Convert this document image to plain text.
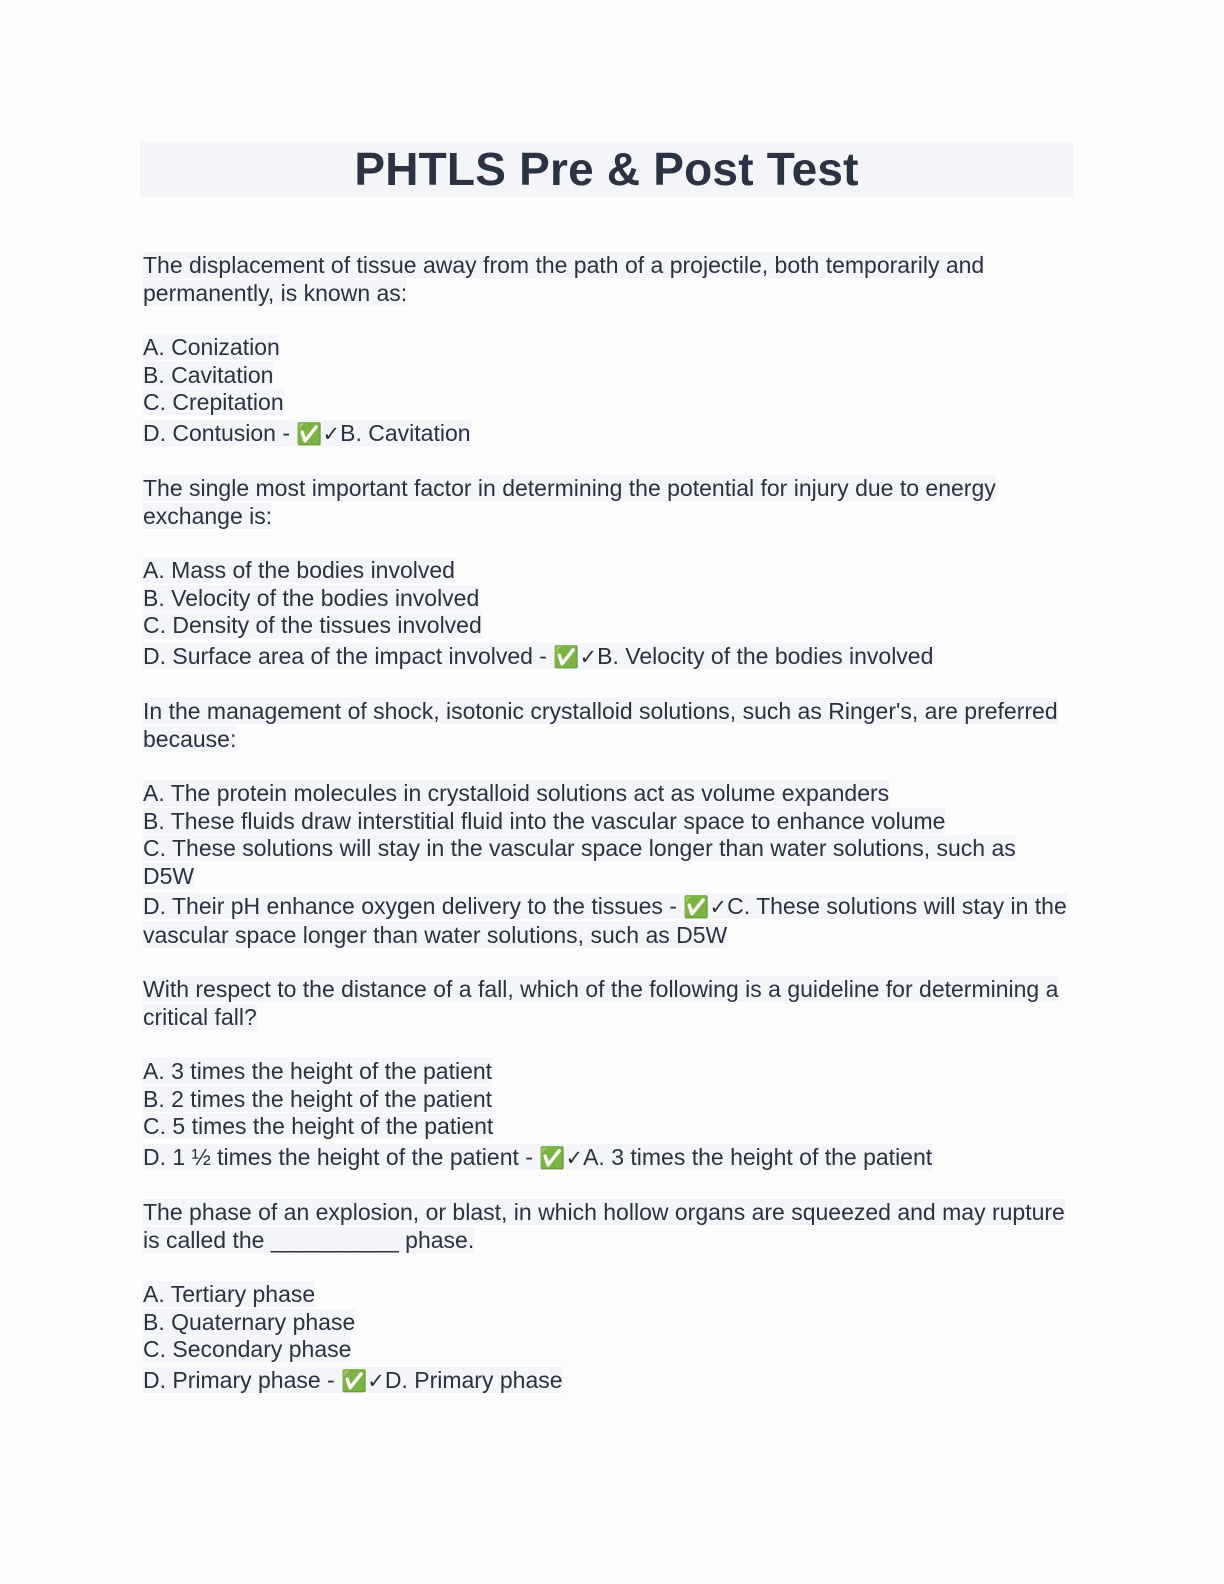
PHTLS Pre & Post Test
The displacement of tissue away from the path of a projectile, both temporarily and permanently, is known as:
A. Conization
B. Cavitation
C. Crepitation
D. Contusion - ✅✓B. Cavitation
The single most important factor in determining the potential for injury due to energy exchange is:
A. Mass of the bodies involved
B. Velocity of the bodies involved
C. Density of the tissues involved
D. Surface area of the impact involved - ✅✓B. Velocity of the bodies involved
In the management of shock, isotonic crystalloid solutions, such as Ringer's, are preferred because:
A. The protein molecules in crystalloid solutions act as volume expanders
B. These fluids draw interstitial fluid into the vascular space to enhance volume
C. These solutions will stay in the vascular space longer than water solutions, such as D5W
D. Their pH enhance oxygen delivery to the tissues - ✅✓C. These solutions will stay in the vascular space longer than water solutions, such as D5W
With respect to the distance of a fall, which of the following is a guideline for determining a critical fall?
A. 3 times the height of the patient
B. 2 times the height of the patient
C. 5 times the height of the patient
D. 1 ½ times the height of the patient - ✅✓A. 3 times the height of the patient
The phase of an explosion, or blast, in which hollow organs are squeezed and may rupture is called the __________ phase.
A. Tertiary phase
B. Quaternary phase
C. Secondary phase
D. Primary phase - ✅✓D. Primary phase
